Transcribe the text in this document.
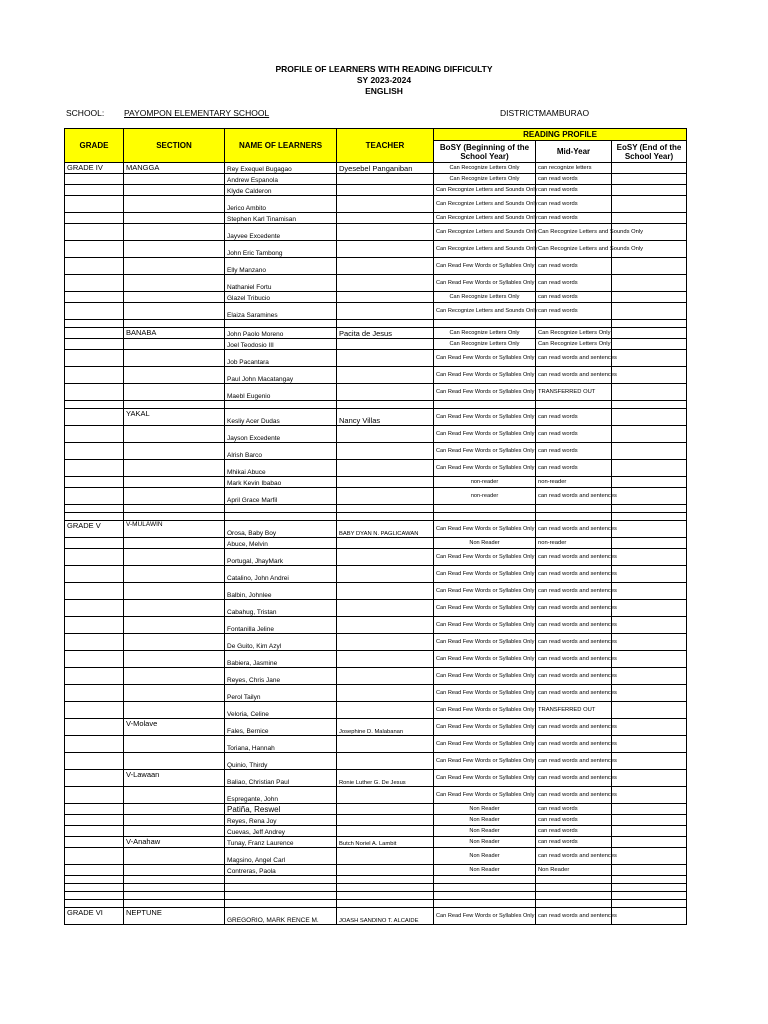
PROFILE OF LEARNERS WITH READING DIFFICULTY
SY 2023-2024
ENGLISH
SCHOOL: PAYOMPON ELEMENTARY SCHOOL	DISTRICT:
MAMBURAO
GRADE	SECTION	NAME OF LEARNERS	TEACHER	READING PROFILE		
				BoSY (Beginning of the School Year)	Mid-Year	EoSY (End of the School Year)
GRADE IV	MANGGA	Rey Exequel Bugagao	Dyesebel Panganiban	Can Recognize Letters Only	can recognize letters	
		Andrew Espanola		Can Recognize Letters Only	can read words	
		Klyde Calderon		Can Recognize Letters and Sounds Only	can read words	
		Jerico Ambito		Can Recognize Letters and Sounds Only	can read words	
		Stephen Karl Tinamisan		Can Recognize Letters and Sounds Only	can read words	
		Jayvee Excedente		Can Recognize Letters and Sounds Only	Can Recognize Letters and Sounds Only	
		John Eric Tambong		Can Recognize Letters and Sounds Only	Can Recognize Letters and Sounds Only	
		Elly Manzano		Can Read Few Words or Syllables Only	can read words	
		Nathaniel Fortu		Can Read Few Words or Syllables Only	can read words	
		Glazel Tribucio		Can Recognize Letters Only	can read words	
		Elaiza Saramines		Can Recognize Letters and Sounds Only	can read words	

	BANABA	John Paolo Moreno	Pacita de Jesus	Can Recognize Letters Only	Can Recognize Letters Only	
		Joel Teodosio III		Can Recognize Letters Only	Can Recognize Letters Only	
		Job Pacantara		Can Read Few Words or Syllables Only	can read words and sentences	
		Paul John Macatangay		Can Read Few Words or Syllables Only	can read words and sentences	
		Maebl Eugenio		Can Read Few Words or Syllables Only	TRANSFERRED OUT	

	YAKAL	Kesliy Acer Dudas	Nancy Villas	Can Read Few Words or Syllables Only	can read words	
		Jayson Excedente		Can Read Few Words or Syllables Only	can read words	
		Alrish Barco		Can Read Few Words or Syllables Only	can read words	
		Mhikai Abuce		Can Read Few Words or Syllables Only	can read words	
		Mark Kevin Ibabao		non-reader	non-reader	
		April Grace Marfil		non-reader	can read words and sentences	

GRADE V	V-MULAWIN	Orosa, Baby Boy	BABY DYAN N. PAGLICAWAN	Can Read Few Words or Syllables Only	can read words and sentences	
		Abuce, Melvin		Non Reader	non-reader	
		Portugal, JhayMark		Can Read Few Words or Syllables Only	can read words and sentences	
		Catalino, John Andrei		Can Read Few Words or Syllables Only	can read words and sentences	
		Balbin, Johnlee		Can Read Few Words or Syllables Only	can read words and sentences	
		Cabahug, Tristan		Can Read Few Words or Syllables Only	can read words and sentences	
		Fontanilla Jeline		Can Read Few Words or Syllables Only	can read words and sentences	
		De Guito, Kim Azyl		Can Read Few Words or Syllables Only	can read words and sentences	
		Babiera, Jasmine		Can Read Few Words or Syllables Only	can read words and sentences	
		Reyes, Chris Jane		Can Read Few Words or Syllables Only	can read words and sentences	
		Perol Tailyn		Can Read Few Words or Syllables Only	can read words and sentences	
		Veloria, Celine		Can Read Few Words or Syllables Only	TRANSFERRED OUT	
	V-Molave	Fales, Bernice	Josephine D. Malabanan	Can Read Few Words or Syllables Only	can read words and sentences	
		Toriana, Hannah		Can Read Few Words or Syllables Only	can read words and sentences	
		Quinio, Thirdy		Can Read Few Words or Syllables Only	can read words and sentences	
	V-Lawaan	Baliao, Christian Paul	Ronie Luther G. De Jesus	Can Read Few Words or Syllables Only	can read words and sentences	
		Espregante, John		Can Read Few Words or Syllables Only	can read words and sentences	
		Patiña, Reswel		Non Reader	can read words	
		Reyes, Rena Joy		Non Reader	can read words	
		Cuevas, Jeff Andrey		Non Reader	can read words	
	V-Anahaw	Tunay, Franz Laurence	Butch Noriel A. Lambit	Non Reader	can read words	
		Magsino, Angel Carl		Non Reader	can read words and sentences	
		Contreras, Paola		Non Reader	Non Reader	

GRADE VI	NEPTUNE	GREGORIO, MARK RENCE M.	JOASH SANDINO T. ALCAIDE	Can Read Few Words or Syllables Only	can read words and sentences	
